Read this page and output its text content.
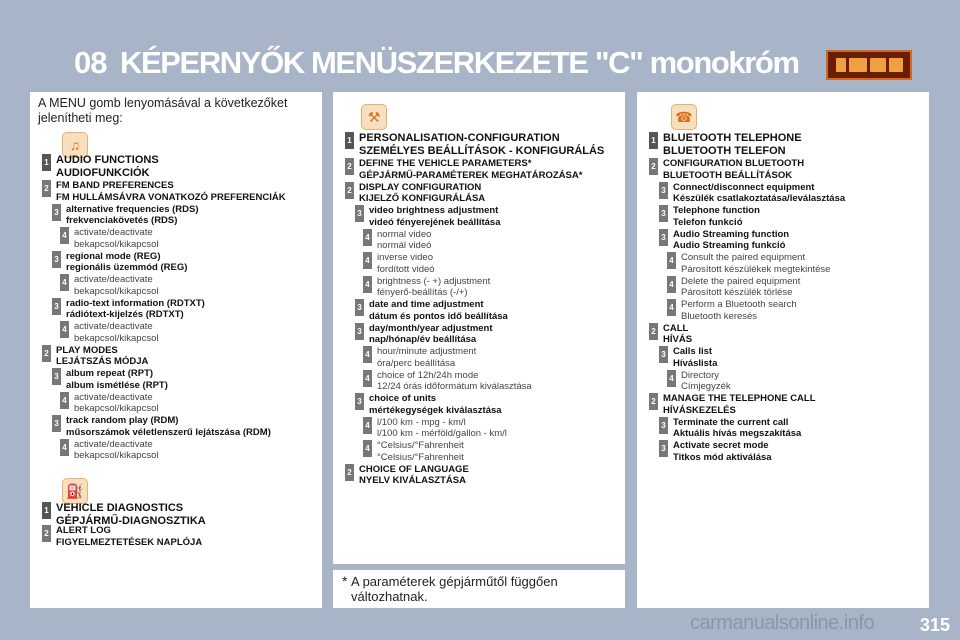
08 KÉPERNYŐK MENÜSZERKEZETE "C" monokróm
A MENU gomb lenyomásával a következőket jelenítheti meg:
♫
⛽
1 AUDIO FUNCTIONS
AUDIOFUNKCIÓK
2 FM BAND PREFERENCES
FM HULLÁMSÁVRA VONATKOZÓ PREFERENCIÁK
3 alternative frequencies (RDS)
frekvenciakövetés (RDS)
4 activate/deactivate
bekapcsol/kikapcsol
3 regional mode (REG)
regionális üzemmód (REG)
4 activate/deactivate
bekapcsol/kikapcsol
3 radio-text information (RDTXT)
rádiótext-kijelzés (RDTXT)
4 activate/deactivate
bekapcsol/kikapcsol
2 PLAY MODES
LEJÁTSZÁS MÓDJA
3 album repeat (RPT)
album ismétlése (RPT)
4 activate/deactivate
bekapcsol/kikapcsol
3 track random play (RDM)
műsorszámok véletlenszerű lejátszása (RDM)
4 activate/deactivate
bekapcsol/kikapcsol
1 VEHICLE DIAGNOSTICS
GÉPJÁRMŰ-DIAGNOSZTIKA
2 ALERT LOG
FIGYELMEZTETÉSEK NAPLÓJA
⚒
1 PERSONALISATION-CONFIGURATION
SZEMÉLYES BEÁLLÍTÁSOK - KONFIGURÁLÁS
2 DEFINE THE VEHICLE PARAMETERS*
GÉPJÁRMŰ-PARAMÉTEREK MEGHATÁROZÁSA*
2 DISPLAY CONFIGURATION
KIJELZŐ KONFIGURÁLÁSA
3 video brightness adjustment
videó fényerejének beállítása
4 normal video
normál videó
4 inverse video
fordított videó
4 brightness (- +) adjustment
fényerő-beállítás (-/+)
3 date and time adjustment
dátum és pontos idő beállítása
3 day/month/year adjustment
nap/hónap/év beállítása
4 hour/minute adjustment
óra/perc beállítása
4 choice of 12h/24h mode
12/24 órás időformátum kiválasztása
3 choice of units
mértékegységek kiválasztása
4 l/100 km - mpg - km/l
l/100 km - mérföld/gallon - km/l
4 °Celsius/°Fahrenheit
°Celsius/°Fahrenheit
2 CHOICE OF LANGUAGE
NYELV KIVÁLASZTÁSA
☎
1 BLUETOOTH TELEPHONE
BLUETOOTH TELEFON
2 CONFIGURATION BLUETOOTH
BLUETOOTH BEÁLLÍTÁSOK
3 Connect/disconnect equipment
Készülék csatlakoztatása/leválasztása
3 Telephone function
Telefon funkció
3 Audio Streaming function
Audio Streaming funkció
4 Consult the paired equipment
Párosított készülékek megtekintése
4 Delete the paired equipment
Párosított készülék törlése
4 Perform a Bluetooth search
Bluetooth keresés
2 CALL
HÍVÁS
3 Calls list
Híváslista
4 Directory
Címjegyzék
2 MANAGE THE TELEPHONE CALL
HÍVÁSKEZELÉS
3 Terminate the current call
Aktuális hívás megszakítása
3 Activate secret mode
Titkos mód aktiválása
* A paraméterek gépjárműtől függően változhatnak.
315
carmanualsonline.info
